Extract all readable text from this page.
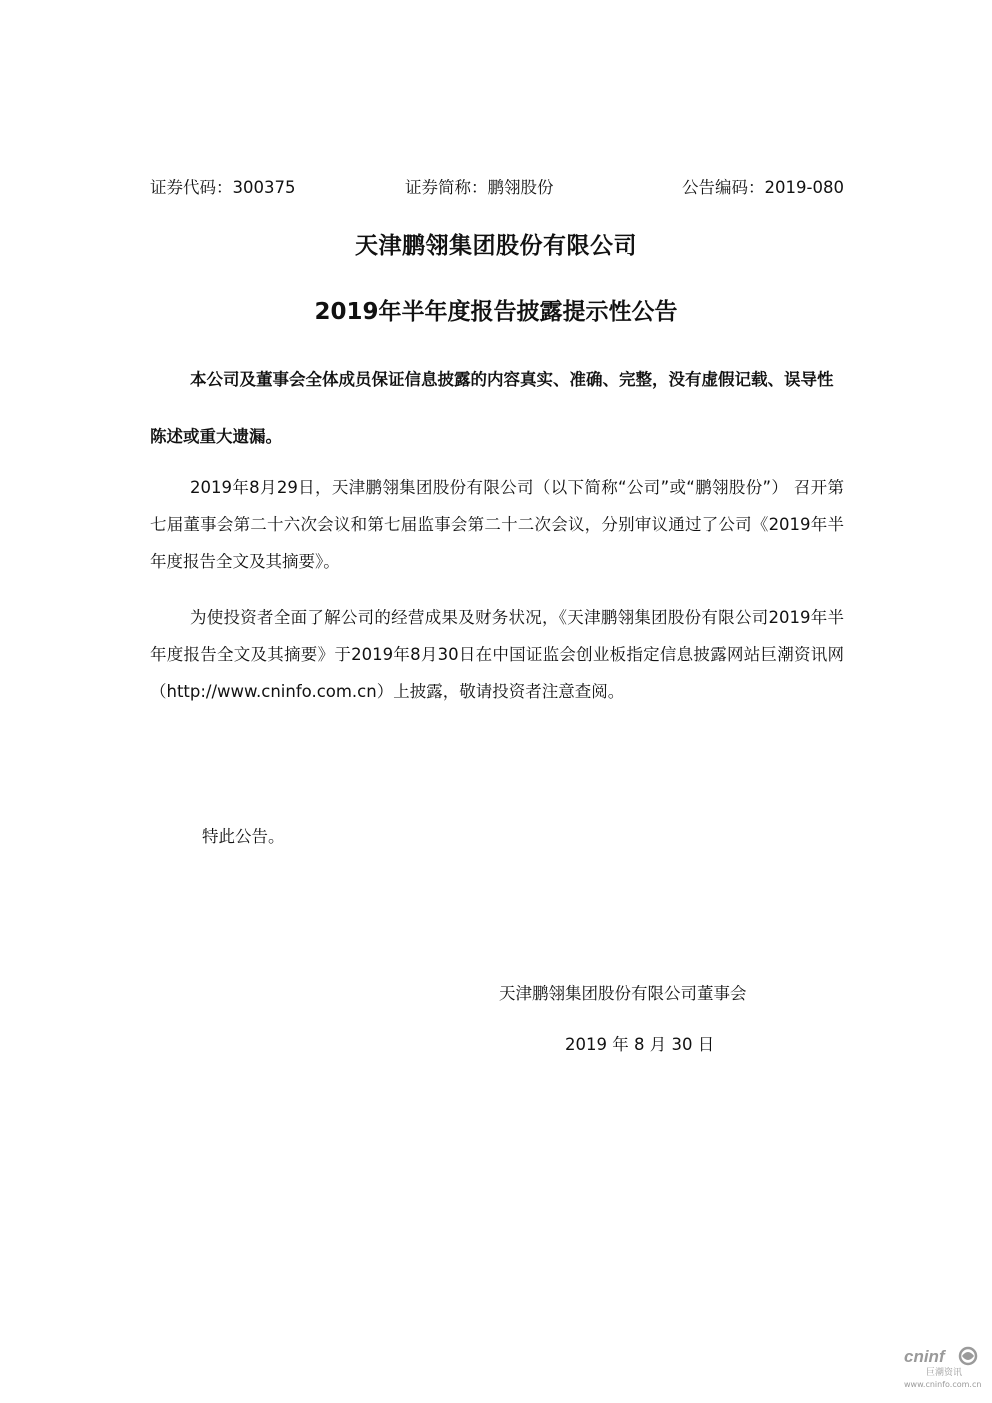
证券代码：300375	证券简称：鹏翎股份	公告编码：2019-080
天津鹏翎集团股份有限公司
2019年半年度报告披露提示性公告
本公司及董事会全体成员保证信息披露的内容真实、准确、完整，没有虚假记载、误导性陈述或重大遗漏。
2019年8月29日，天津鹏翎集团股份有限公司（以下简称“公司”或“鹏翎股份”） 召开第七届董事会第二十六次会议和第七届监事会第二十二次会议，分别审议通过了公司《2019年半年度报告全文及其摘要》。
为使投资者全面了解公司的经营成果及财务状况，《天津鹏翎集团股份有限公司2019年半年度报告全文及其摘要》于2019年8月30日在中国证监会创业板指定信息披露网站巨潮资讯网（http://www.cninfo.com.cn）上披露，敬请投资者注意查阅。
特此公告。
天津鹏翎集团股份有限公司董事会
2019 年 8 月 30 日
cninf
巨潮资讯
www.cninfo.com.cn
